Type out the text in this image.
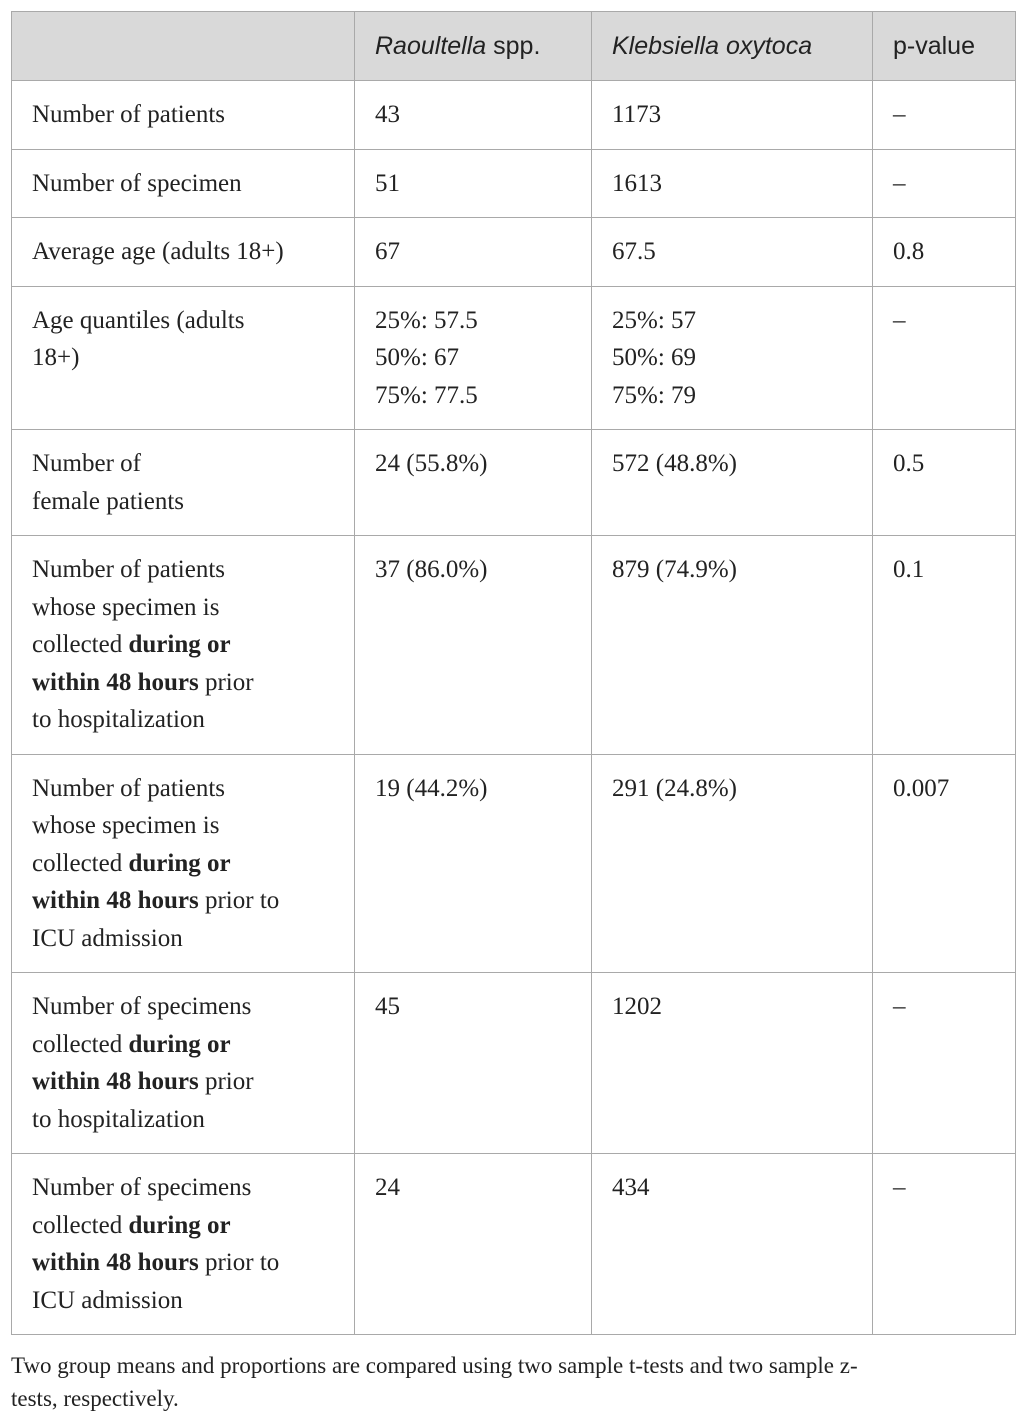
	Raoultella spp.	Klebsiella oxytoca	p-value

Number of patients	43	1173	–

Number of specimen	51	1613	–

Average age (adults 18+)	67	67.5	0.8

Age quantiles (adults
18+)	25%: 57.5
50%: 67
75%: 77.5	25%: 57
50%: 69
75%: 79	–

Number of
female patients	24 (55.8%)	572 (48.8%)	0.5

Number of patients
whose specimen is
collected during or
within 48 hours prior
to hospitalization	37 (86.0%)	879 (74.9%)	0.1

Number of patients
whose specimen is
collected during or
within 48 hours prior to
ICU admission	19 (44.2%)	291 (24.8%)	0.007

Number of specimens
collected during or
within 48 hours prior
to hospitalization	45	1202	–

Number of specimens
collected during or
within 48 hours prior to
ICU admission	24	434	–
Two group means and proportions are compared using two sample t-tests and two sample z-
tests, respectively.
